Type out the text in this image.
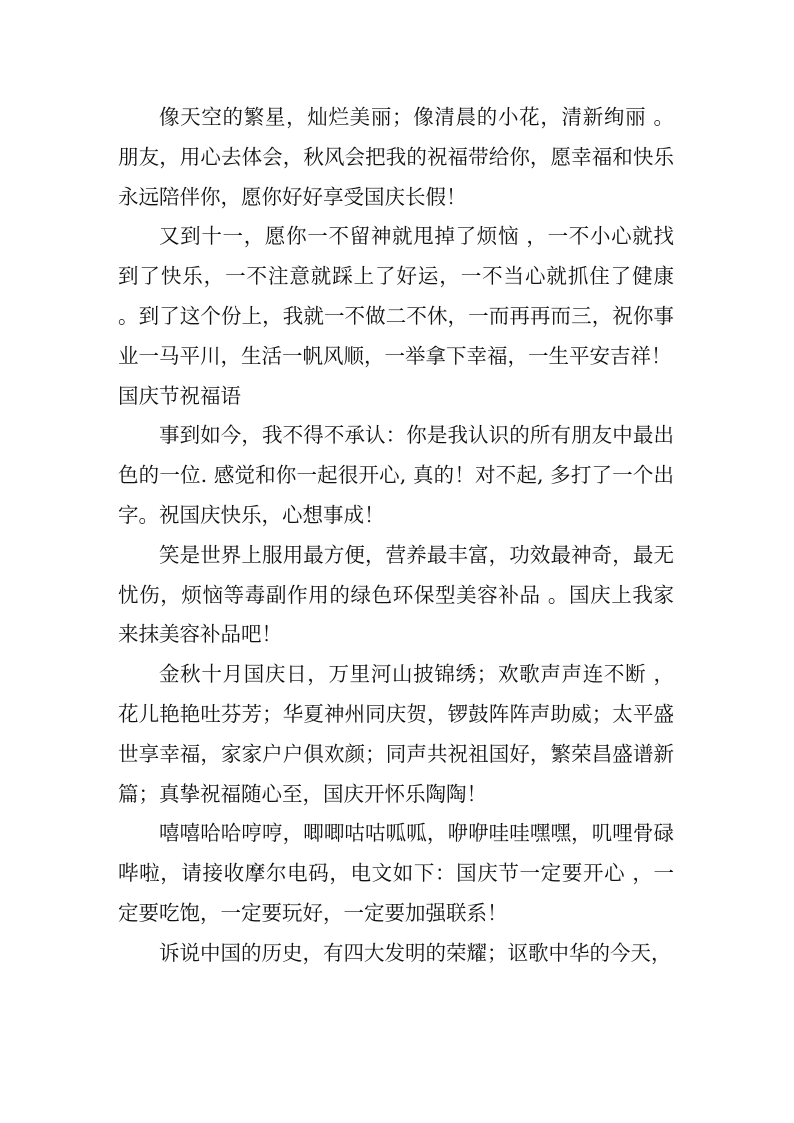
像天空的繁星，灿烂美丽；像清晨的小花，清新绚丽 。朋友，用心去体会，秋风会把我的祝福带给你，愿幸福和快乐永远陪伴你，愿你好好享受国庆长假！

又到十一，愿你一不留神就甩掉了烦恼 ，一不小心就找到了快乐，一不注意就踩上了好运，一不当心就抓住了健康 。到了这个份上，我就一不做二不休，一而再再而三，祝你事业一马平川，生活一帆风顺，一举拿下幸福，一生平安吉祥！

国庆节祝福语

事到如今，我不得不承认：你是我认识的所有朋友中最出色的一位. 感觉和你一起很开心, 真的！对不起, 多打了一个出字。祝国庆快乐，心想事成！

笑是世界上服用最方便，营养最丰富，功效最神奇，最无忧伤，烦恼等毒副作用的绿色环保型美容补品 。国庆上我家来抹美容补品吧！

金秋十月国庆日，万里河山披锦绣；欢歌声声连不断 ，花儿艳艳吐芬芳；华夏神州同庆贺，锣鼓阵阵声助威；太平盛世享幸福，家家户户俱欢颜；同声共祝祖国好，繁荣昌盛谱新篇；真挚祝福随心至，国庆开怀乐陶陶！

嘻嘻哈哈哼哼，唧唧咕咕呱呱，咿咿哇哇嘿嘿，叽哩骨碌哔啦，请接收摩尔电码，电文如下：国庆节一定要开心 ，一定要吃饱，一定要玩好，一定要加强联系！

诉说中国的历史，有四大发明的荣耀；讴歌中华的今天，
